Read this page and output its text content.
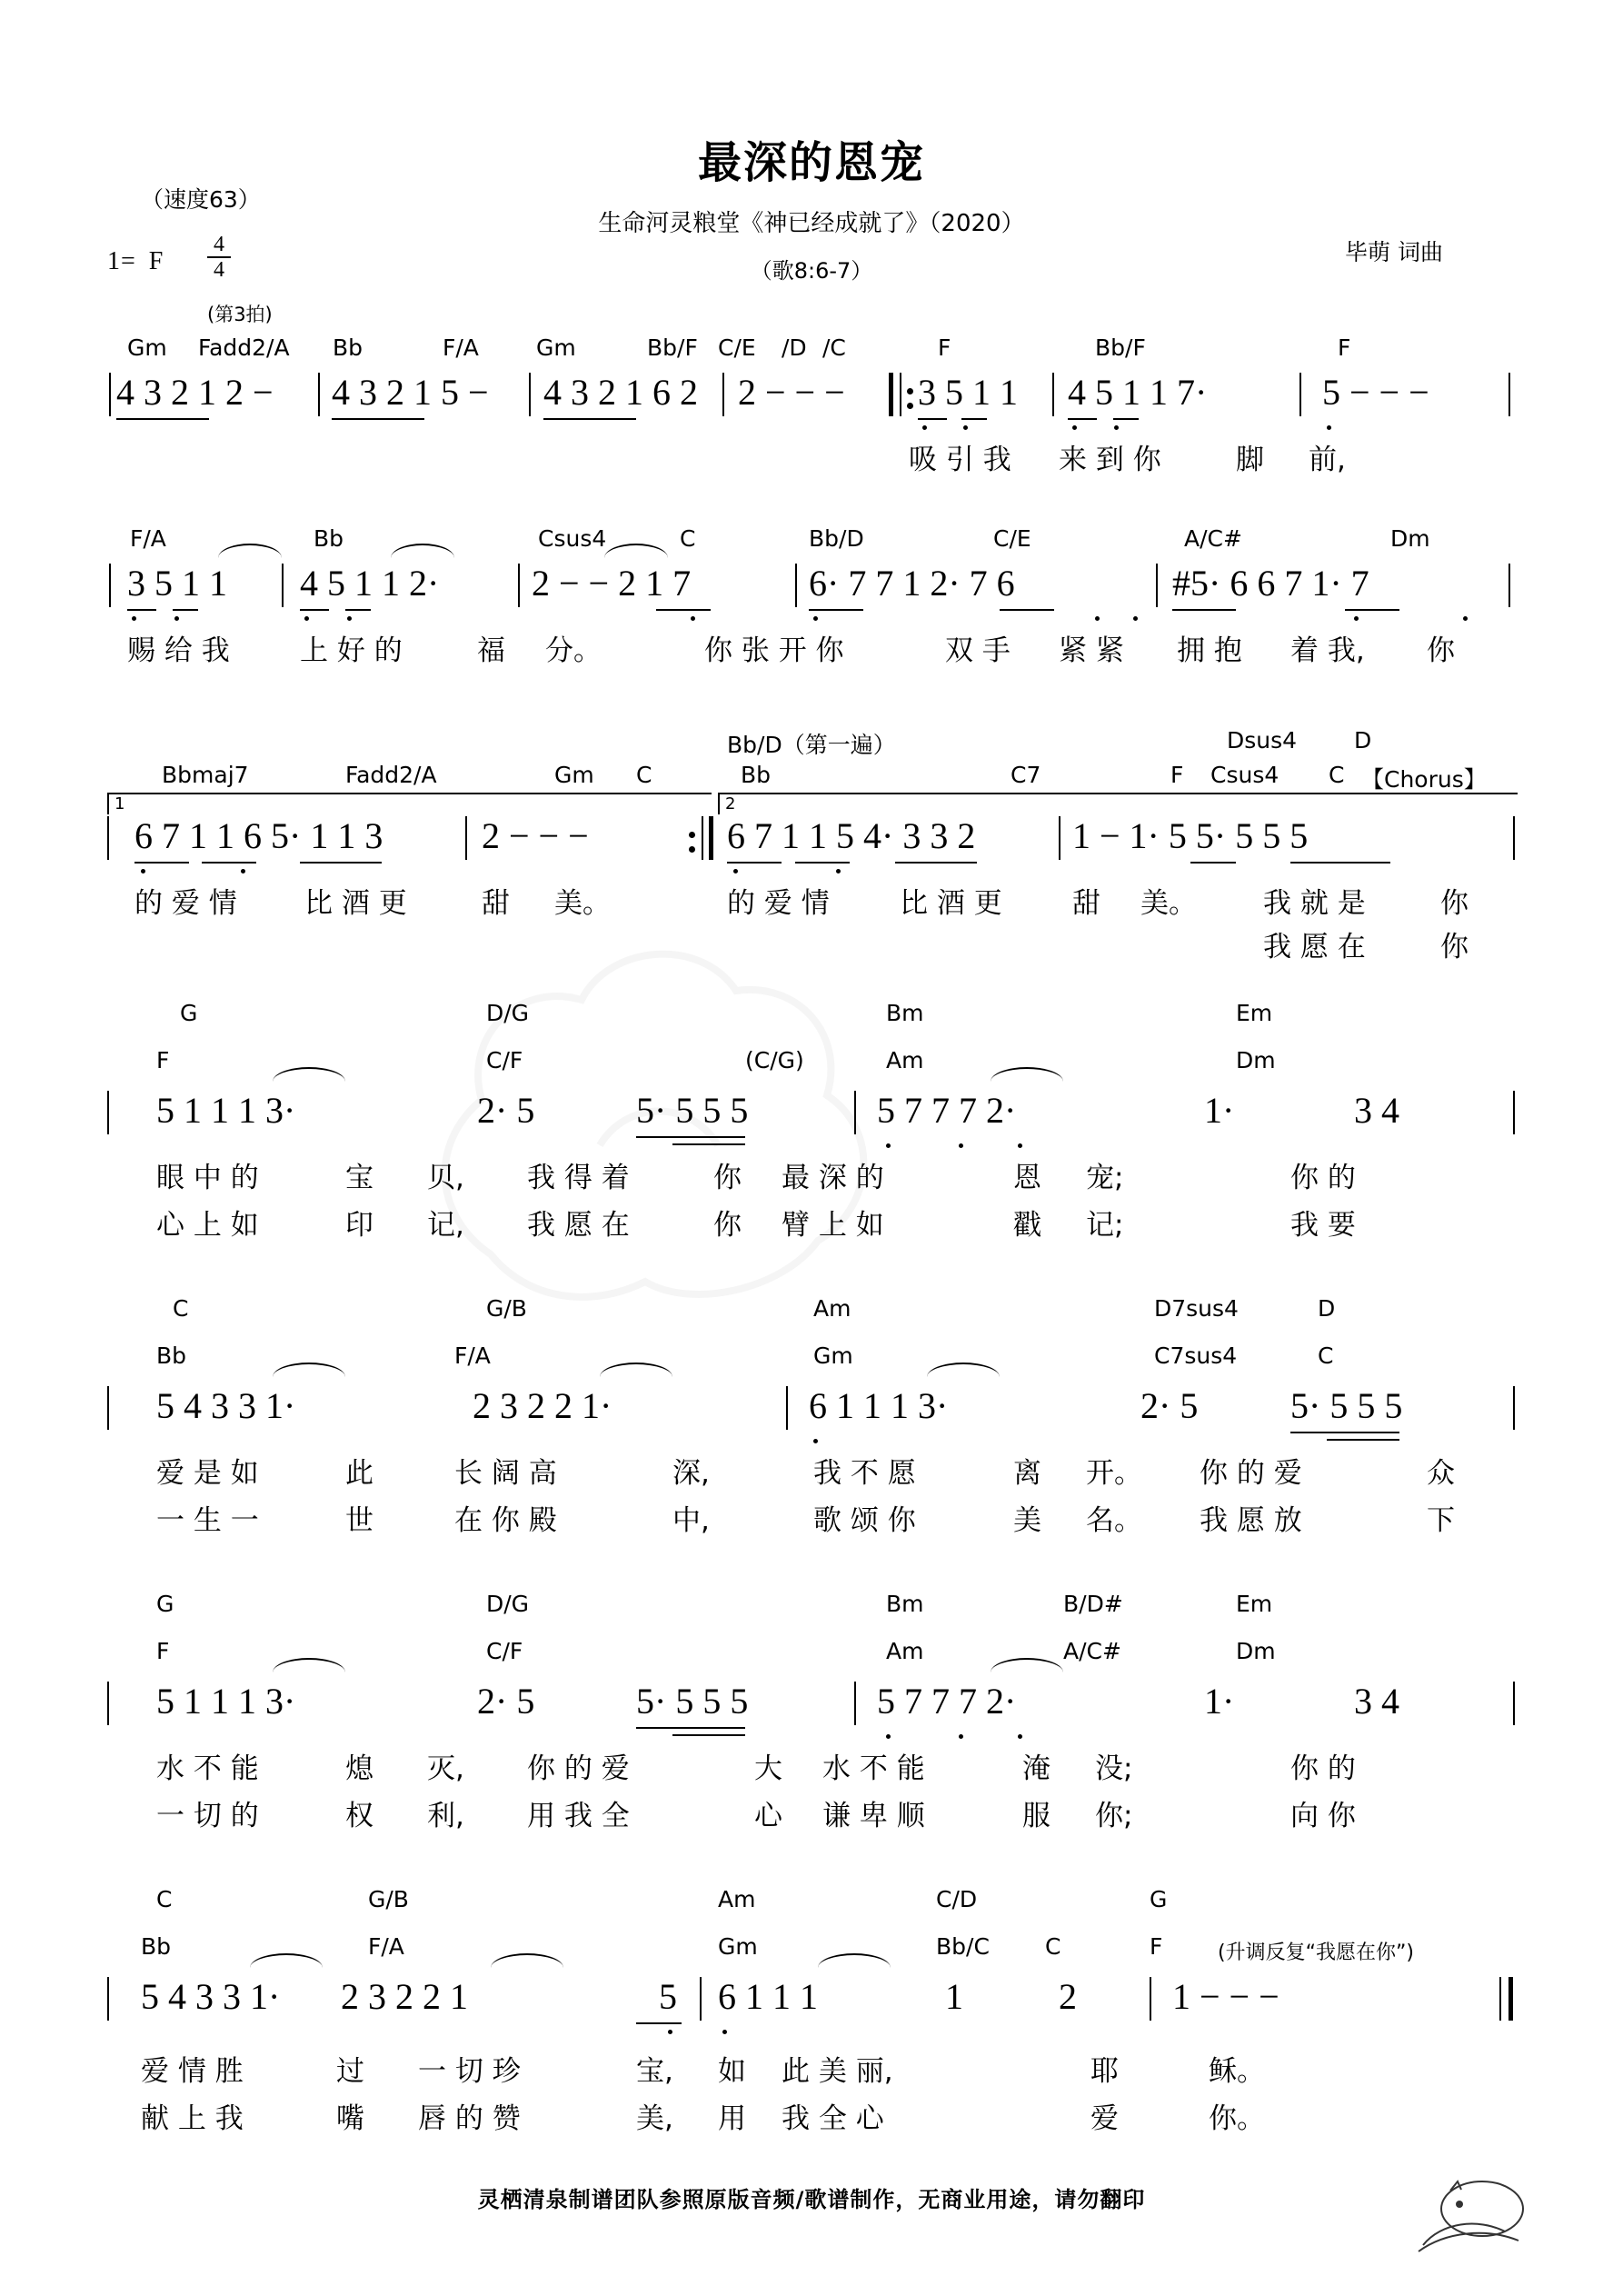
最深的恩宠
生命河灵粮堂《神已经成就了》（2020）
（歌8:6-7）
（速度63）
毕萌 词曲
1= F
4
4
(第3拍)
Gm Fadd2/A Bb	F/A	Gm	Bb/F C/E /D /C	F	Bb/F	F
4 3 2 1 2 − 4 3 2 1 5 − 4 3 2 1 6 2 2 − − − 3 5 1 1 4 5 1 1 7·	5 − − −
吸 引 我 来 到 你	脚 前,
F/A	Bb	Csus4	C	Bb/D	C/E	A/C#	Dm
3 5 1 1 4 5 1 1 2·	2 − − 2 1 7	6· 7 7 1 2· 7 6	#5· 6 6 7 1· 7
赐 给 我 上 好 的	福 分。	你 张 开 你	双 手 紧 紧 拥 抱 着 我, 你
Bb/D（第一遍）	Dsus4	D
Bbmaj7	Fadd2/A	Gm C	Bb	C7	F Csus4 C 【Chorus】
1	2
6 7 1 1 6 5· 1 1 3	2 − − −	6 7 1 1 5 4· 3 3 2	1 − 1· 5 5· 5 5 5
的 爱 情 比 酒 更	甜 美。	的 爱 情 比 酒 更 甜 美。 我 就 是	你
我 愿 在	你
G	D/G	Bm	Em
F	C/F	(C/G)	Am	Dm
5 1 1 1 3·	2· 5	5· 5 5 5	5 7 7 7 2·	1·	3 4
眼 中 的	宝 贝, 我 得 着	你 最 深 的	恩 宠;	你 的
心 上 如	印 记, 我 愿 在	你 臂 上 如	戳 记;	我 要
C	G/B	Am	D7sus4	D
Bb	F/A	Gm	C7sus4	C
5 4 3 3 1·	2 3 2 2 1·	6 1 1 1 3·	2· 5	5· 5 5 5
爱 是 如	此	长 阔 高	深,	我 不 愿	离 开。 你 的 爱	众
一 生 一	世	在 你 殿	中,	歌 颂 你	美 名。 我 愿 放	下
G	D/G	Bm	B/D#	Em
F	C/F	Am	A/C#	Dm
5 1 1 1 3·	2· 5	5· 5 5 5	5 7 7 7 2·	1·	3 4
水 不 能	熄 灭, 你 的 爱	大 水 不 能	淹 没;	你 的
一 切 的	权 利, 用 我 全	心 谦 卑 顺	服 你;	向 你
C	G/B	Am	C/D	G
Bb	F/A	Gm	Bb/C C	F	(升调反复“我愿在你”)
5 4 3 3 1· 2 3 2 2 1	5 6 1 1 1	1	2	1 − − −
爱 情 胜	过 一 切 珍	宝, 如 此 美 丽,	耶	稣。
献 上 我	嘴 唇 的 赞	美, 用 我 全 心	爱	你。
灵栖清泉制谱团队参照原版音频/歌谱制作，无商业用途，请勿翻印
